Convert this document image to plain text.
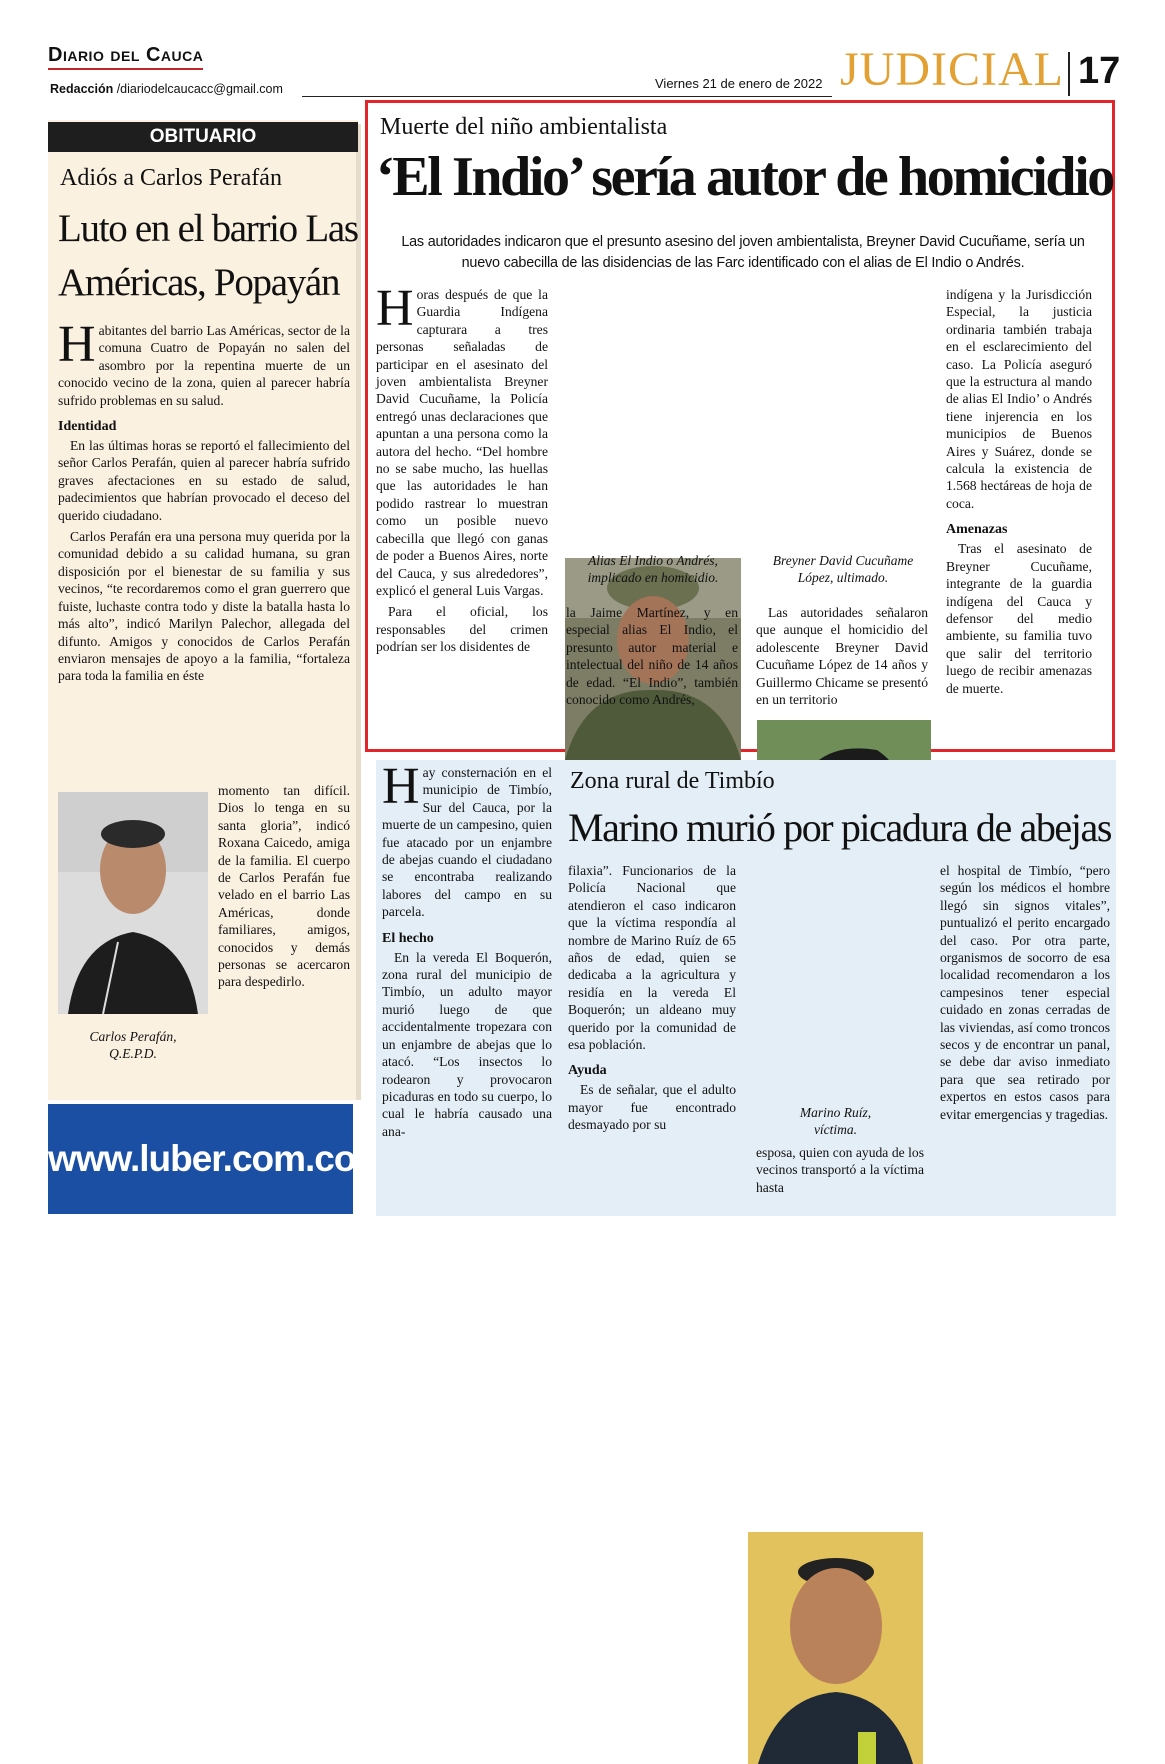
Diario del Cauca
Redacción /diariodelcaucacc@gmail.com	Viernes 21 de enero de 2022 JUDICIAL 17
OBITUARIO
Adiós a Carlos Perafán
Luto en el barrio Las Américas, Popayán

Habitantes del barrio Las Américas, sector de la comuna Cuatro de Popayán no salen del asombro por la repentina muerte de un conocido vecino de la zona, quien al parecer habría sufrido problemas en su salud.

Identidad

En las últimas horas se reportó el fallecimiento del señor Carlos Perafán, quien al parecer habría sufrido graves afectaciones en su estado de salud, padecimientos que habrían provocado el deceso del querido ciudadano.

Carlos Perafán era una persona muy querida por la comunidad debido a su calidad humana, su gran disposición por el bienestar de su familia y sus vecinos, “te recordaremos como el gran guerrero que fuiste, luchaste contra todo y diste la batalla hasta lo más alto”, indicó Marilyn Palechor, allegada del difunto. Amigos y conocidos de Carlos Perafán enviaron mensajes de apoyo a la familia, “fortaleza para toda la familia en éste

Carlos Perafán,
Q.E.P.D.

momento tan difícil. Dios lo tenga en su santa gloria”, indicó Roxana Caicedo, amiga de la familia. El cuerpo de Carlos Perafán fue velado en el barrio Las Américas, donde familiares, amigos, conocidos y demás personas se acercaron para despedirlo.

www.luber.com.co
Muerte del niño ambientalista
‘El Indio’ sería autor de homicidio
Las autoridades indicaron que el presunto asesino del joven ambientalista, Breyner David Cucuñame, sería un nuevo cabecilla de las disidencias de las Farc identificado con el alias de El Indio o Andrés.

Horas después de que la Guardia Indígena capturara a tres personas señaladas de participar en el asesinato del joven ambientalista Breyner David Cucuñame, la Policía entregó unas declaraciones que apuntan a una persona como la autora del hecho. “Del hombre no se sabe mucho, las huellas que las autoridades le han podido rastrear lo muestran como un posible nuevo cabecilla que llegó con ganas de poder a Buenos Aires, norte del Cauca, y sus alrededores”, explicó el general Luis Vargas.

Para el oficial, los responsables del crimen podrían ser los disidentes de

Alias El Indio o Andrés,
implicado en homicidio.
Breyner David Cucuñame
López, ultimado.

la Jaime Martínez, y en especial alias El Indio, el presunto autor material e intelectual del niño de 14 años de edad. “El Indio”, también conocido como Andrés,

Las autoridades señalaron que aunque el homicidio del adolescente Breyner David Cucuñame López de 14 años y Guillermo Chicame se presentó en un territorio

indígena y la Jurisdicción Especial, la justicia ordinaria también trabaja en el esclarecimiento del caso. La Policía aseguró que la estructura al mando de alias El Indio’ o Andrés tiene injerencia en los municipios de Buenos Aires y Suárez, donde se calcula la existencia de 1.568 hectáreas de hoja de coca.

Amenazas

Tras el asesinato de Breyner Cucuñame, integrante de la guardia indígena del Cauca y defensor del medio ambiente, su familia tuvo que salir del territorio luego de recibir amenazas de muerte.

Zona rural de Timbío
Marino murió por picadura de abejas

Hay consternación en el municipio de Timbío, Sur del Cauca, por la muerte de un campesino, quien fue atacado por un enjambre de abejas cuando el ciudadano se encontraba realizando labores del campo en su parcela.

El hecho

En la vereda El Boquerón, zona rural del municipio de Timbío, un adulto mayor murió luego de que accidentalmente tropezara con un enjambre de abejas que lo atacó. “Los insectos lo rodearon y provocaron picaduras en todo su cuerpo, lo cual le habría causado una ana-

filaxia”. Funcionarios de la Policía Nacional que atendieron el caso indicaron que la víctima respondía al nombre de Marino Ruíz de 65 años de edad, quien se dedicaba a la agricultura y residía en la vereda El Boquerón; un aldeano muy querido por la comunidad de esa población.

Ayuda

Es de señalar, que el adulto mayor fue encontrado desmayado por su

Marino Ruíz,
víctima.

esposa, quien con ayuda de los vecinos transportó a la víctima hasta

el hospital de Timbío, “pero según los médicos el hombre llegó sin signos vitales”, puntualizó el perito encargado del caso. Por otra parte, organismos de socorro de esa localidad recomendaron a los campesinos tener especial cuidado en zonas cerradas de las viviendas, así como troncos secos y de encontrar un panal, se debe dar aviso inmediato para que sea retirado por expertos en estos casos para evitar emergencias y tragedias.
